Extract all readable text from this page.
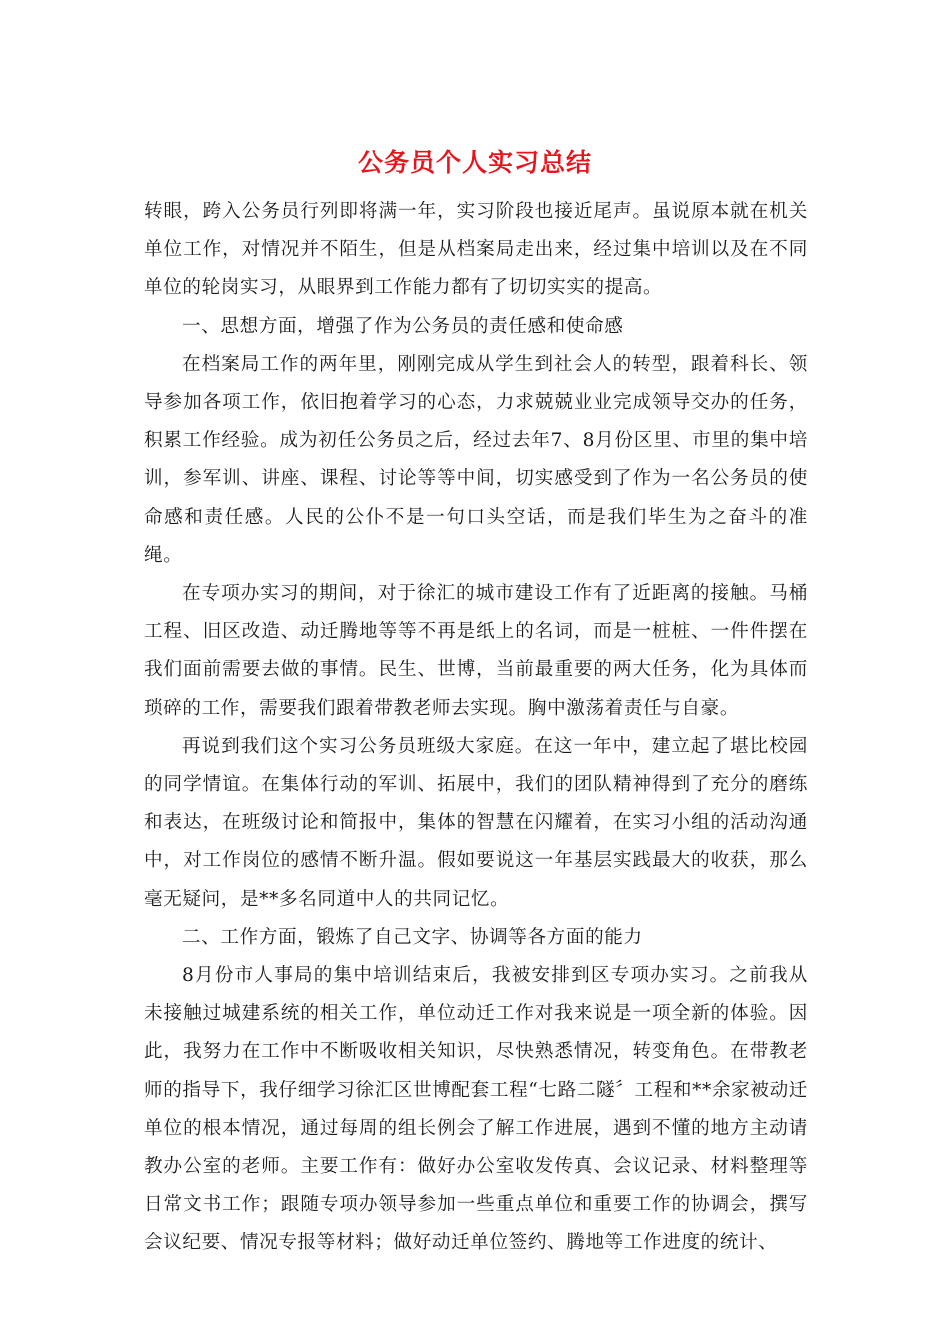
公务员个人实习总结

转眼，跨入公务员行列即将满一年，实习阶段也接近尾声。虽说原本就在机关单位工作，对情况并不陌生，但是从档案局走出来，经过集中培训以及在不同单位的轮岗实习，从眼界到工作能力都有了切切实实的提高。

一、思想方面，增强了作为公务员的责任感和使命感

在档案局工作的两年里，刚刚完成从学生到社会人的转型，跟着科长、领导参加各项工作，依旧抱着学习的心态，力求兢兢业业完成领导交办的任务，积累工作经验。成为初任公务员之后，经过去年7、8月份区里、市里的集中培训，参军训、讲座、课程、讨论等等中间，切实感受到了作为一名公务员的使命感和责任感。人民的公仆不是一句口头空话，而是我们毕生为之奋斗的准绳。

在专项办实习的期间，对于徐汇的城市建设工作有了近距离的接触。马桶工程、旧区改造、动迁腾地等等不再是纸上的名词，而是一桩桩、一件件摆在我们面前需要去做的事情。民生、世博，当前最重要的两大任务，化为具体而琐碎的工作，需要我们跟着带教老师去实现。胸中激荡着责任与自豪。

再说到我们这个实习公务员班级大家庭。在这一年中，建立起了堪比校园的同学情谊。在集体行动的军训、拓展中，我们的团队精神得到了充分的磨练和表达，在班级讨论和简报中，集体的智慧在闪耀着，在实习小组的活动沟通中，对工作岗位的感情不断升温。假如要说这一年基层实践最大的收获，那么毫无疑问，是**多名同道中人的共同记忆。

二、工作方面，锻炼了自己文字、协调等各方面的能力

8月份市人事局的集中培训结束后，我被安排到区专项办实习。之前我从未接触过城建系统的相关工作，单位动迁工作对我来说是一项全新的体验。因此，我努力在工作中不断吸收相关知识，尽快熟悉情况，转变角色。在带教老师的指导下，我仔细学习徐汇区世博配套工程“七路二隧〞工程和**余家被动迁单位的根本情况，通过每周的组长例会了解工作进展，遇到不懂的地方主动请教办公室的老师。主要工作有：做好办公室收发传真、会议记录、材料整理等日常文书工作；跟随专项办领导参加一些重点单位和重要工作的协调会，撰写会议纪要、情况专报等材料；做好动迁单位签约、腾地等工作进度的统计、
